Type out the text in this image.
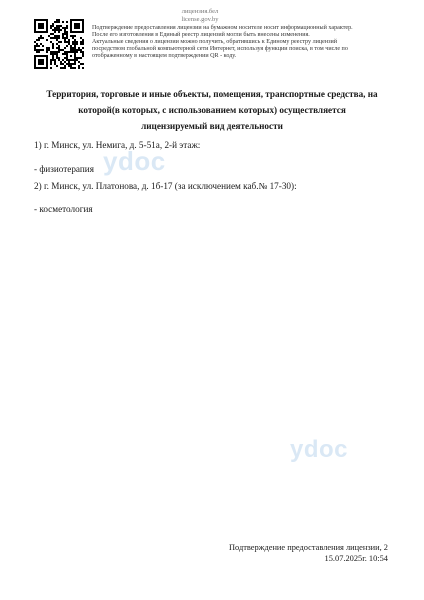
лицензия.бел
license.gov.by

Подтверждение предоставления лицензии на бумажном носителе носит информационный характер.

После его изготовления в Единый реестр лицензий могли быть внесены изменения.

Актуальные сведения о лицензии можно получить, обратившись к Единому реестру лицензий

посредством глобальной компьютерной сети Интернет, используя функции поиска, в том числе по

отображенному в настоящем подтверждении QR - коду.

Территория, торговые и иные объекты, помещения, транспортные средства, на
которой(в которых, с использованием которых) осуществляется
лицензируемый вид деятельности
1) г. Минск, ул. Немига, д. 5-51а, 2-й этаж:
- физиотерапия
2) г. Минск, ул. Платонова, д. 1б-17 (за исключением каб.№ 17-30):
- косметология
ydoc
ydoc
Подтверждение предоставления лицензии, 2
15.07.2025г. 10:54
